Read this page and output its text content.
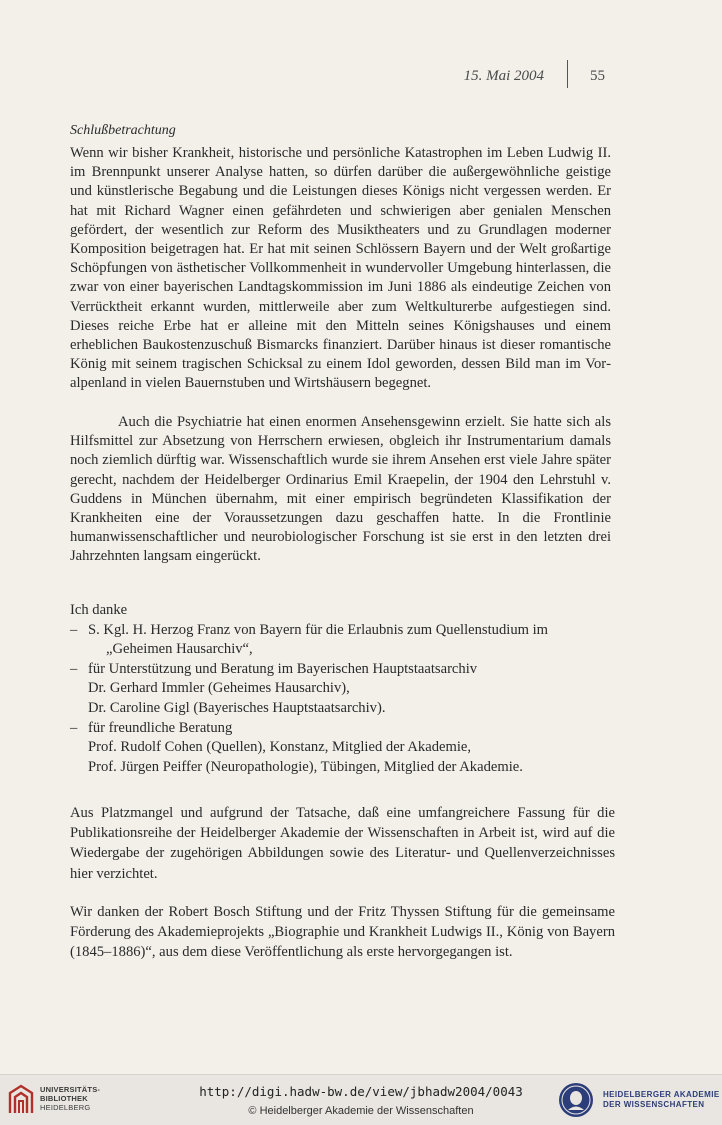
15. Mai 2004	55
Schlußbetrachtung
Wenn wir bisher Krankheit, historische und persönliche Katastrophen im Leben Ludwig II. im Brennpunkt unserer Analyse hatten, so dürfen darüber die außergewöhnliche geistige und künstlerische Begabung und die Leistungen dieses Königs nicht vergessen werden. Er hat mit Richard Wagner einen gefährdeten und schwierigen aber genialen Menschen gefördert, der wesentlich zur Reform des Musiktheaters und zu Grundlagen moderner Komposition beigetragen hat. Er hat mit seinen Schlössern Bayern und der Welt großartige Schöpfungen von ästhetischer Vollkommenheit in wundervoller Umgebung hinterlassen, die zwar von einer bayerischen Landtagskommission im Juni 1886 als eindeutige Zeichen von Verrücktheit erkannt wurden, mittlerweile aber zum Weltkulturerbe aufgestiegen sind. Dieses reiche Erbe hat er alleine mit den Mitteln seines Königshauses und einem erheblichen Baukostenzuschuß Bismarcks finanziert. Darüber hinaus ist dieser romantische König mit seinem tragischen Schicksal zu einem Idol geworden, dessen Bild man im Voralpenland in vielen Bauernstuben und Wirtshäusern begegnet.
Auch die Psychiatrie hat einen enormen Ansehensgewinn erzielt. Sie hatte sich als Hilfsmittel zur Absetzung von Herrschern erwiesen, obgleich ihr Instrumentarium damals noch ziemlich dürftig war. Wissenschaftlich wurde sie ihrem Ansehen erst viele Jahre später gerecht, nachdem der Heidelberger Ordinarius Emil Kraepelin, der 1904 den Lehrstuhl v. Guddens in München übernahm, mit einer empirisch begründeten Klassifikation der Krankheiten eine der Voraussetzungen dazu geschaffen hatte. In die Frontlinie humanwissenschaftlicher und neurobiologischer Forschung ist sie erst in den letzten drei Jahrzehnten langsam eingerückt.
Ich danke
– S. Kgl. H. Herzog Franz von Bayern für die Erlaubnis zum Quellenstudium im
„Geheimen Hausarchiv“,
– für Unterstützung und Beratung im Bayerischen Hauptstaatsarchiv
Dr. Gerhard Immler (Geheimes Hausarchiv),
Dr. Caroline Gigl (Bayerisches Hauptstaatsarchiv).
– für freundliche Beratung
Prof. Rudolf Cohen (Quellen), Konstanz, Mitglied der Akademie,
Prof. Jürgen Peiffer (Neuropathologie), Tübingen, Mitglied der Akademie.
Aus Platzmangel und aufgrund der Tatsache, daß eine umfangreichere Fassung für die Publikationsreihe der Heidelberger Akademie der Wissenschaften in Arbeit ist, wird auf die Wiedergabe der zugehörigen Abbildungen sowie des Literatur- und Quellenverzeichnisses hier verzichtet.
Wir danken der Robert Bosch Stiftung und der Fritz Thyssen Stiftung für die gemeinsame Förderung des Akademieprojekts „Biographie und Krankheit Ludwigs II., König von Bayern (1845–1886)“, aus dem diese Veröffentlichung als erste hervorgegangen ist.
UNIVERSITÄTS-
BIBLIOTHEK
HEIDELBERG
http://digi.hadw-bw.de/view/jbhadw2004/0043
© Heidelberger Akademie der Wissenschaften
HEIDELBERGER AKADEMIE
DER WISSENSCHAFTEN
